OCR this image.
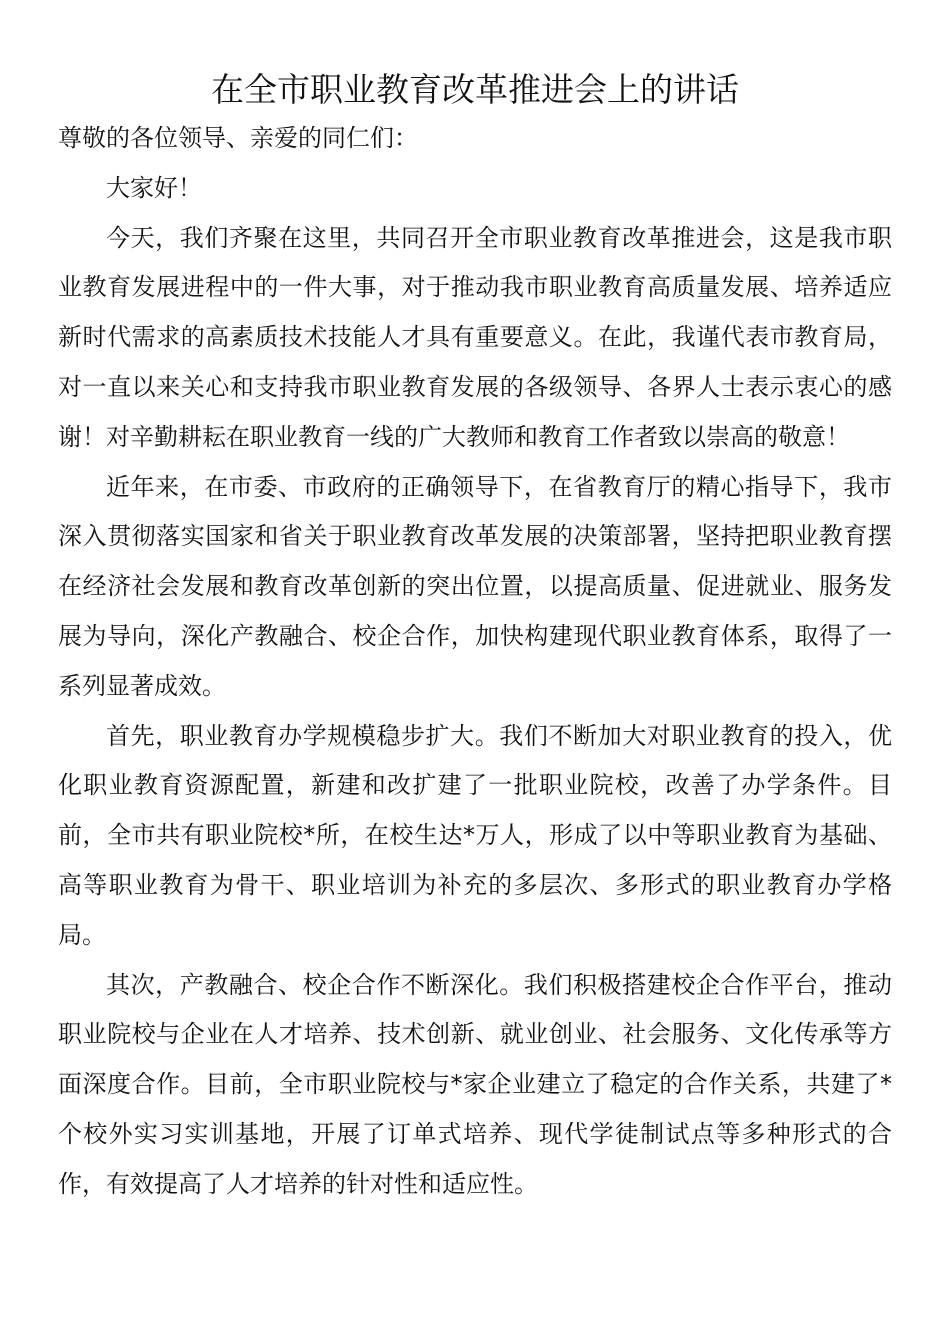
在全市职业教育改革推进会上的讲话

尊敬的各位领导、亲爱的同仁们：

大家好！

今天，我们齐聚在这里，共同召开全市职业教育改革推进会，这是我市职业教育发展进程中的一件大事，对于推动我市职业教育高质量发展、培养适应新时代需求的高素质技术技能人才具有重要意义。在此，我谨代表市教育局，对一直以来关心和支持我市职业教育发展的各级领导、各界人士表示衷心的感谢！对辛勤耕耘在职业教育一线的广大教师和教育工作者致以崇高的敬意！

近年来，在市委、市政府的正确领导下，在省教育厅的精心指导下，我市深入贯彻落实国家和省关于职业教育改革发展的决策部署，坚持把职业教育摆在经济社会发展和教育改革创新的突出位置，以提高质量、促进就业、服务发展为导向，深化产教融合、校企合作，加快构建现代职业教育体系，取得了一系列显著成效。

首先，职业教育办学规模稳步扩大。我们不断加大对职业教育的投入，优化职业教育资源配置，新建和改扩建了一批职业院校，改善了办学条件。目前，全市共有职业院校*所，在校生达*万人，形成了以中等职业教育为基础、高等职业教育为骨干、职业培训为补充的多层次、多形式的职业教育办学格局。

其次，产教融合、校企合作不断深化。我们积极搭建校企合作平台，推动职业院校与企业在人才培养、技术创新、就业创业、社会服务、文化传承等方面深度合作。目前，全市职业院校与*家企业建立了稳定的合作关系，共建了*个校外实习实训基地，开展了订单式培养、现代学徒制试点等多种形式的合作，有效提高了人才培养的针对性和适应性。
